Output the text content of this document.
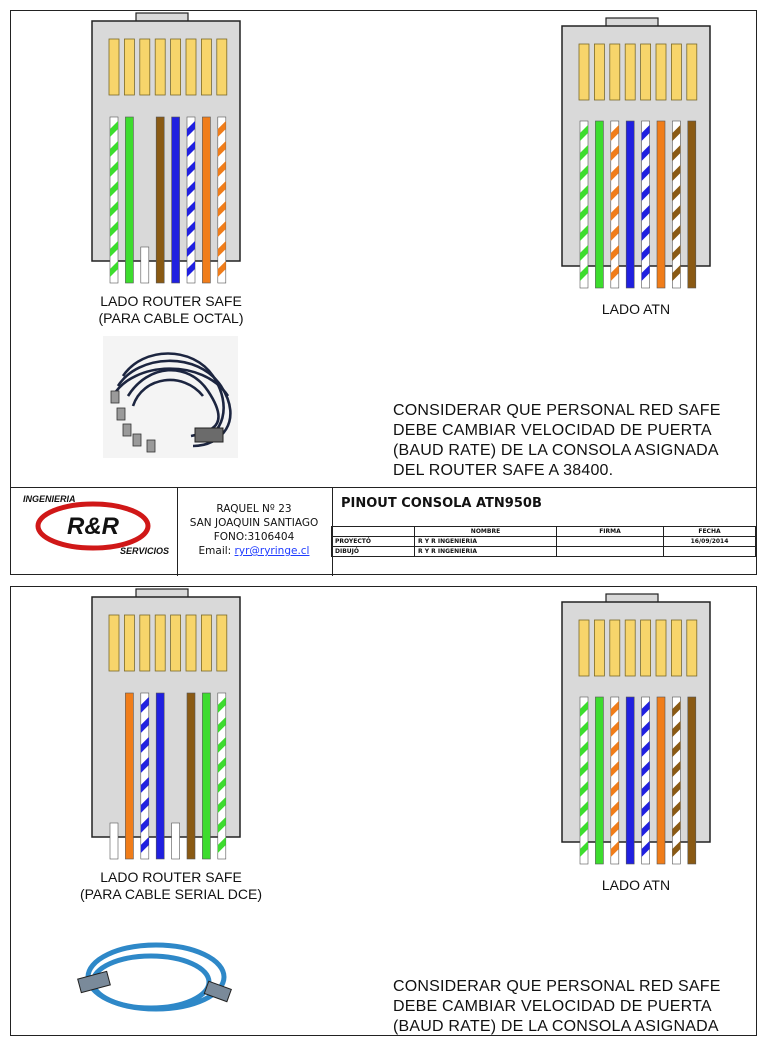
LADO ROUTER SAFE
(PARA CABLE OCTAL)
LADO ATN
CONSIDERAR QUE PERSONAL RED SAFE
DEBE CAMBIAR VELOCIDAD DE PUERTA
(BAUD RATE) DE LA CONSOLA ASIGNADA
DEL ROUTER SAFE A 38400.
INGENIERIA
R&R
SERVICIOS
RAQUEL Nº 23
SAN JOAQUIN SANTIAGO
FONO:3106404
Email: ryr@ryringe.cl
PINOUT CONSOLA ATN950B
	NOMBRE	FIRMA	FECHA
PROYECTÓ	R Y R INGENIERIA		16/09/2014
DIBUJÓ	R Y R INGENIERIA		
LADO ROUTER SAFE
(PARA CABLE SERIAL DCE)
LADO ATN
CONSIDERAR QUE PERSONAL RED SAFE
DEBE CAMBIAR VELOCIDAD DE PUERTA
(BAUD RATE) DE LA CONSOLA ASIGNADA
